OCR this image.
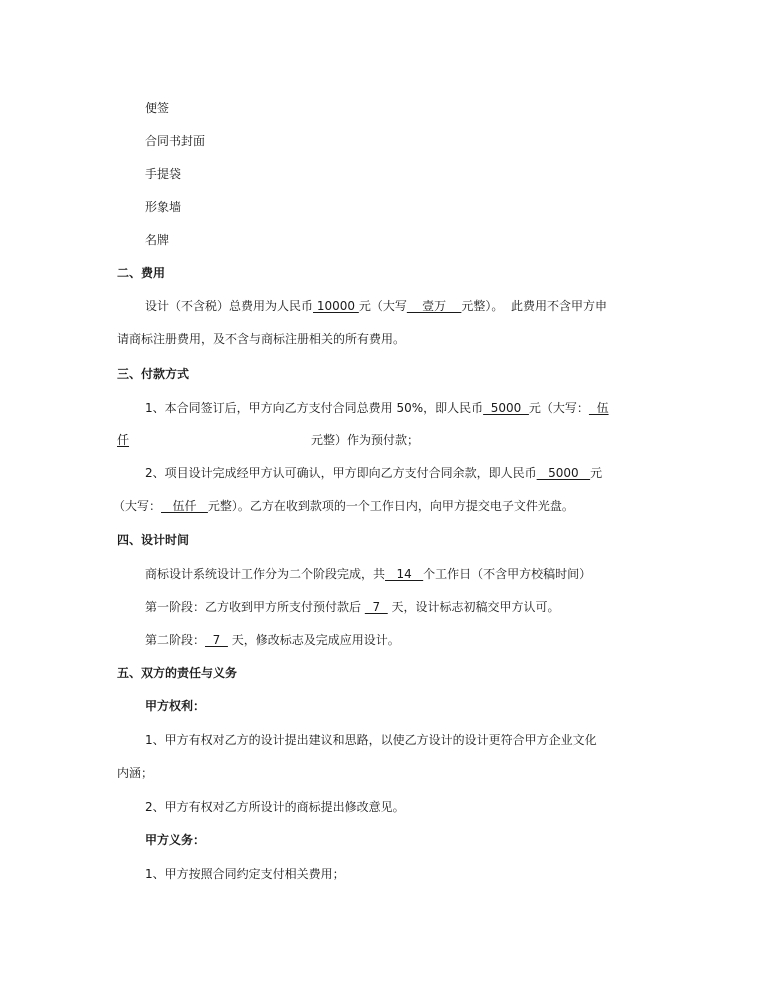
便签
合同书封面
手提袋
形象墙
名牌
二、费用
设计（不含税）总费用为人民币 10000 元（大写    壹万    元整）。  此费用不含甲方申
请商标注册费用，及不含与商标注册相关的所有费用。
三、付款方式
1、本合同签订后，甲方向乙方支付合同总费用 50%，即人民币  5000  元（大写：  伍
仟	元整）作为预付款；
2、项目设计完成经甲方认可确认，甲方即向乙方支付合同余款，即人民币   5000   元
（大写：   伍仟   元整）。乙方在收到款项的一个工作日内，向甲方提交电子文件光盘。
四、设计时间
商标设计系统设计工作分为二个阶段完成，共   14   个工作日（不含甲方校稿时间）
第一阶段：乙方收到甲方所支付预付款后   7   天，设计标志初稿交甲方认可。
第二阶段：  7   天，修改标志及完成应用设计。
五、双方的责任与义务
甲方权利：
1、甲方有权对乙方的设计提出建议和思路，以使乙方设计的设计更符合甲方企业文化
内涵；
2、甲方有权对乙方所设计的商标提出修改意见。
甲方义务：
1、甲方按照合同约定支付相关费用；
